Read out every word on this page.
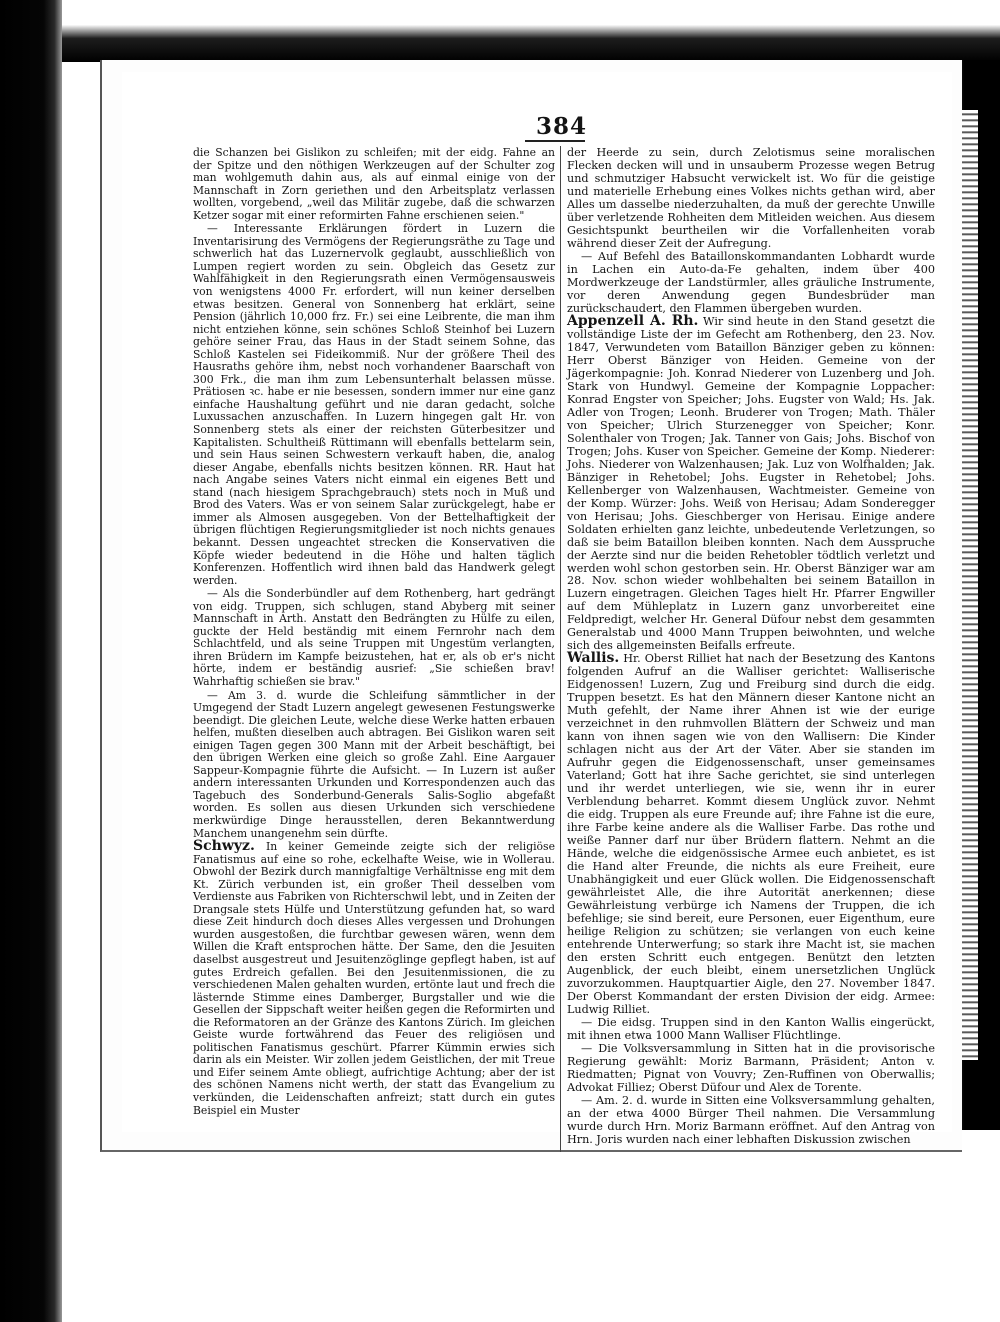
384

die Schanzen bei Gislikon zu schleifen; mit der eidg. Fahne an der Spitze und den nöthigen Werkzeugen auf der Schulter zog man wohlgemuth dahin aus, als auf einmal einige von der Mannschaft in Zorn geriethen und den Arbeitsplatz verlassen wollten, vorgebend, „weil das Militär zugebe, daß die schwarzen Ketzer sogar mit einer reformirten Fahne erschienen seien."

— Interessante Erklärungen fördert in Luzern die Inventarisirung des Vermögens der Regierungsräthe zu Tage und schwerlich hat das Luzernervolk geglaubt, ausschließlich von Lumpen regiert worden zu sein. Obgleich das Gesetz zur Wahlfähigkeit in den Regierungsrath einen Vermögensausweis von wenigstens 4000 Fr. erfordert, will nun keiner derselben etwas besitzen. General von Sonnenberg hat erklärt, seine Pension (jährlich 10,000 frz. Fr.) sei eine Leibrente, die man ihm nicht entziehen könne, sein schönes Schloß Steinhof bei Luzern gehöre seiner Frau, das Haus in der Stadt seinem Sohne, das Schloß Kastelen sei Fideikommiß. Nur der größere Theil des Hausraths gehöre ihm, nebst noch vorhandener Baarschaft von 300 Frk., die man ihm zum Lebensunterhalt belassen müsse. Prätiosen ꝛc. habe er nie besessen, sondern immer nur eine ganz einfache Haushaltung geführt und nie daran gedacht, solche Luxussachen anzuschaffen. In Luzern hingegen galt Hr. von Sonnenberg stets als einer der reichsten Güterbesitzer und Kapitalisten. Schultheiß Rüttimann will ebenfalls bettelarm sein, und sein Haus seinen Schwestern verkauft haben, die, analog dieser Angabe, ebenfalls nichts besitzen können. RR. Haut hat nach Angabe seines Vaters nicht einmal ein eigenes Bett und stand (nach hiesigem Sprachgebrauch) stets noch in Muß und Brod des Vaters. Was er von seinem Salar zurückgelegt, habe er immer als Almosen ausgegeben. Von der Bettelhaftigkeit der übrigen flüchtigen Regierungsmitglieder ist noch nichts genaues bekannt. Dessen ungeachtet strecken die Konservativen die Köpfe wieder bedeutend in die Höhe und halten täglich Konferenzen. Hoffentlich wird ihnen bald das Handwerk gelegt werden.

— Als die Sonderbündler auf dem Rothenberg, hart gedrängt von eidg. Truppen, sich schlugen, stand Abyberg mit seiner Mannschaft in Arth. Anstatt den Bedrängten zu Hülfe zu eilen, guckte der Held beständig mit einem Fernrohr nach dem Schlachtfeld, und als seine Truppen mit Ungestüm verlangten, ihren Brüdern im Kampfe beizustehen, hat er, als ob er's nicht hörte, indem er beständig ausrief: „Sie schießen brav! Wahrhaftig schießen sie brav."

— Am 3. d. wurde die Schleifung sämmtlicher in der Umgegend der Stadt Luzern angelegt gewesenen Festungswerke beendigt. Die gleichen Leute, welche diese Werke hatten erbauen helfen, mußten dieselben auch abtragen. Bei Gislikon waren seit einigen Tagen gegen 300 Mann mit der Arbeit beschäftigt, bei den übrigen Werken eine gleich so große Zahl. Eine Aargauer Sappeur-Kompagnie führte die Aufsicht. — In Luzern ist außer andern interessanten Urkunden und Korrespondenzen auch das Tagebuch des Sonderbund-Generals Salis-Soglio abgefaßt worden. Es sollen aus diesen Urkunden sich verschiedene merkwürdige Dinge herausstellen, deren Bekanntwerdung Manchem unangenehm sein dürfte.

Schwyz. In keiner Gemeinde zeigte sich der religiöse Fanatismus auf eine so rohe, eckelhafte Weise, wie in Wollerau. Obwohl der Bezirk durch mannigfaltige Verhältnisse eng mit dem Kt. Zürich verbunden ist, ein großer Theil desselben vom Verdienste aus Fabriken von Richterschwil lebt, und in Zeiten der Drangsale stets Hülfe und Unterstützung gefunden hat, so ward diese Zeit hindurch doch dieses Alles vergessen und Drohungen wurden ausgestoßen, die furchtbar gewesen wären, wenn dem Willen die Kraft entsprochen hätte. Der Same, den die Jesuiten daselbst ausgestreut und Jesuitenzöglinge gepflegt haben, ist auf gutes Erdreich gefallen. Bei den Jesuitenmissionen, die zu verschiedenen Malen gehalten wurden, ertönte laut und frech die lästernde Stimme eines Damberger, Burgstaller und wie die Gesellen der Sippschaft weiter heißen gegen die Reformirten und die Reformatoren an der Gränze des Kantons Zürich. Im gleichen Geiste wurde fortwährend das Feuer des religiösen und politischen Fanatismus geschürt. Pfarrer Kümmin erwies sich darin als ein Meister. Wir zollen jedem Geistlichen, der mit Treue und Eifer seinem Amte obliegt, aufrichtige Achtung; aber der ist des schönen Namens nicht werth, der statt das Evangelium zu verkünden, die Leidenschaften anfreizt; statt durch ein gutes Beispiel ein Muster

der Heerde zu sein, durch Zelotismus seine moralischen Flecken decken will und in unsauberm Prozesse wegen Betrug und schmutziger Habsucht verwickelt ist. Wo für die geistige und materielle Erhebung eines Volkes nichts gethan wird, aber Alles um dasselbe niederzuhalten, da muß der gerechte Unwille über verletzende Rohheiten dem Mitleiden weichen. Aus diesem Gesichtspunkt beurtheilen wir die Vorfallenheiten vorab während dieser Zeit der Aufregung.

— Auf Befehl des Bataillonskommandanten Lobhardt wurde in Lachen ein Auto-da-Fe gehalten, indem über 400 Mordwerkzeuge der Landstürmler, alles gräuliche Instrumente, vor deren Anwendung gegen Bundesbrüder man zurückschaudert, den Flammen übergeben wurden.

Appenzell A. Rh. Wir sind heute in den Stand gesetzt die vollständige Liste der im Gefecht am Rothenberg, den 23. Nov. 1847, Verwundeten vom Bataillon Bänziger geben zu können: Herr Oberst Bänziger von Heiden. Gemeine von der Jägerkompagnie: Joh. Konrad Niederer von Luzenberg und Joh. Stark von Hundwyl. Gemeine der Kompagnie Loppacher: Konrad Engster von Speicher; Johs. Eugster von Wald; Hs. Jak. Adler von Trogen; Leonh. Bruderer von Trogen; Math. Thäler von Speicher; Ulrich Sturzenegger von Speicher; Konr. Solenthaler von Trogen; Jak. Tanner von Gais; Johs. Bischof von Trogen; Johs. Kuser von Speicher. Gemeine der Komp. Niederer: Johs. Niederer von Walzenhausen; Jak. Luz von Wolfhalden; Jak. Bänziger in Rehetobel; Johs. Eugster in Rehetobel; Johs. Kellenberger von Walzenhausen, Wachtmeister. Gemeine von der Komp. Würzer: Johs. Weiß von Herisau; Adam Sonderegger von Herisau; Johs. Gieschberger von Herisau. Einige andere Soldaten erhielten ganz leichte, unbedeutende Verletzungen, so daß sie beim Bataillon bleiben konnten. Nach dem Ausspruche der Aerzte sind nur die beiden Rehetobler tödtlich verletzt und werden wohl schon gestorben sein. Hr. Oberst Bänziger war am 28. Nov. schon wieder wohlbehalten bei seinem Bataillon in Luzern eingetragen. Gleichen Tages hielt Hr. Pfarrer Engwiller auf dem Mühleplatz in Luzern ganz unvorbereitet eine Feldpredigt, welcher Hr. General Düfour nebst dem gesammten Generalstab und 4000 Mann Truppen beiwohnten, und welche sich des allgemeinsten Beifalls erfreute.

Wallis. Hr. Oberst Rilliet hat nach der Besetzung des Kantons folgenden Aufruf an die Walliser gerichtet: Walliserische Eidgenossen! Luzern, Zug und Freiburg sind durch die eidg. Truppen besetzt. Es hat den Männern dieser Kantone nicht an Muth gefehlt, der Name ihrer Ahnen ist wie der eurige verzeichnet in den ruhmvollen Blättern der Schweiz und man kann von ihnen sagen wie von den Wallisern: Die Kinder schlagen nicht aus der Art der Väter. Aber sie standen im Aufruhr gegen die Eidgenossenschaft, unser gemeinsames Vaterland; Gott hat ihre Sache gerichtet, sie sind unterlegen und ihr werdet unterliegen, wie sie, wenn ihr in eurer Verblendung beharret. Kommt diesem Unglück zuvor. Nehmt die eidg. Truppen als eure Freunde auf; ihre Fahne ist die eure, ihre Farbe keine andere als die Walliser Farbe. Das rothe und weiße Panner darf nur über Brüdern flattern. Nehmt an die Hände, welche die eidgenössische Armee euch anbietet, es ist die Hand alter Freunde, die nichts als eure Freiheit, eure Unabhängigkeit und euer Glück wollen. Die Eidgenossenschaft gewährleistet Alle, die ihre Autorität anerkennen; diese Gewährleistung verbürge ich Namens der Truppen, die ich befehlige; sie sind bereit, eure Personen, euer Eigenthum, eure heilige Religion zu schützen; sie verlangen von euch keine entehrende Unterwerfung; so stark ihre Macht ist, sie machen den ersten Schritt euch entgegen. Benützt den letzten Augenblick, der euch bleibt, einem unersetzlichen Unglück zuvorzukommen. Hauptquartier Aigle, den 27. November 1847. Der Oberst Kommandant der ersten Division der eidg. Armee: Ludwig Rilliet.

— Die eidsg. Truppen sind in den Kanton Wallis eingerückt, mit ihnen etwa 1000 Mann Walliser Flüchtlinge.

— Die Volksversammlung in Sitten hat in die provisorische Regierung gewählt: Moriz Barmann, Präsident; Anton v. Riedmatten; Pignat von Vouvry; Zen-Ruffinen von Oberwallis; Advokat Filliez; Oberst Düfour und Alex de Torente.

— Am. 2. d. wurde in Sitten eine Volksversammlung gehalten, an der etwa 4000 Bürger Theil nahmen. Die Versammlung wurde durch Hrn. Moriz Barmann eröffnet. Auf den Antrag von Hrn. Joris wurden nach einer lebhaften Diskussion zwischen
